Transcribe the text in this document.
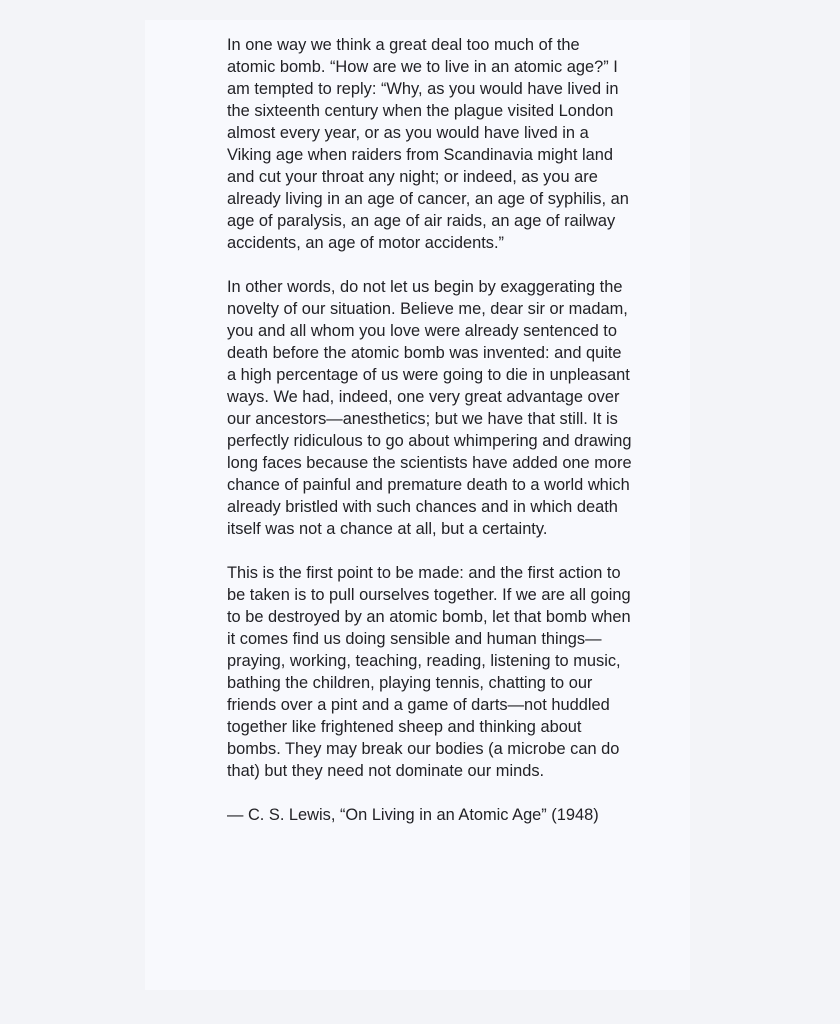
In one way we think a great deal too much of the atomic bomb. “How are we to live in an atomic age?” I am tempted to reply: “Why, as you would have lived in the sixteenth century when the plague visited London almost every year, or as you would have lived in a Viking age when raiders from Scandinavia might land and cut your throat any night; or indeed, as you are already living in an age of cancer, an age of syphilis, an age of paralysis, an age of air raids, an age of railway accidents, an age of motor accidents.”

In other words, do not let us begin by exaggerating the novelty of our situation. Believe me, dear sir or madam, you and all whom you love were already sentenced to death before the atomic bomb was invented: and quite a high percentage of us were going to die in unpleasant ways. We had, indeed, one very great advantage over our ancestors—anesthetics; but we have that still. It is perfectly ridiculous to go about whimpering and drawing long faces because the scientists have added one more chance of painful and premature death to a world which already bristled with such chances and in which death itself was not a chance at all, but a certainty.

This is the first point to be made: and the first action to be taken is to pull ourselves together. If we are all going to be destroyed by an atomic bomb, let that bomb when it comes find us doing sensible and human things—praying, working, teaching, reading, listening to music, bathing the children, playing tennis, chatting to our friends over a pint and a game of darts—not huddled together like frightened sheep and thinking about bombs. They may break our bodies (a microbe can do that) but they need not dominate our minds.

— C. S. Lewis, “On Living in an Atomic Age” (1948)
